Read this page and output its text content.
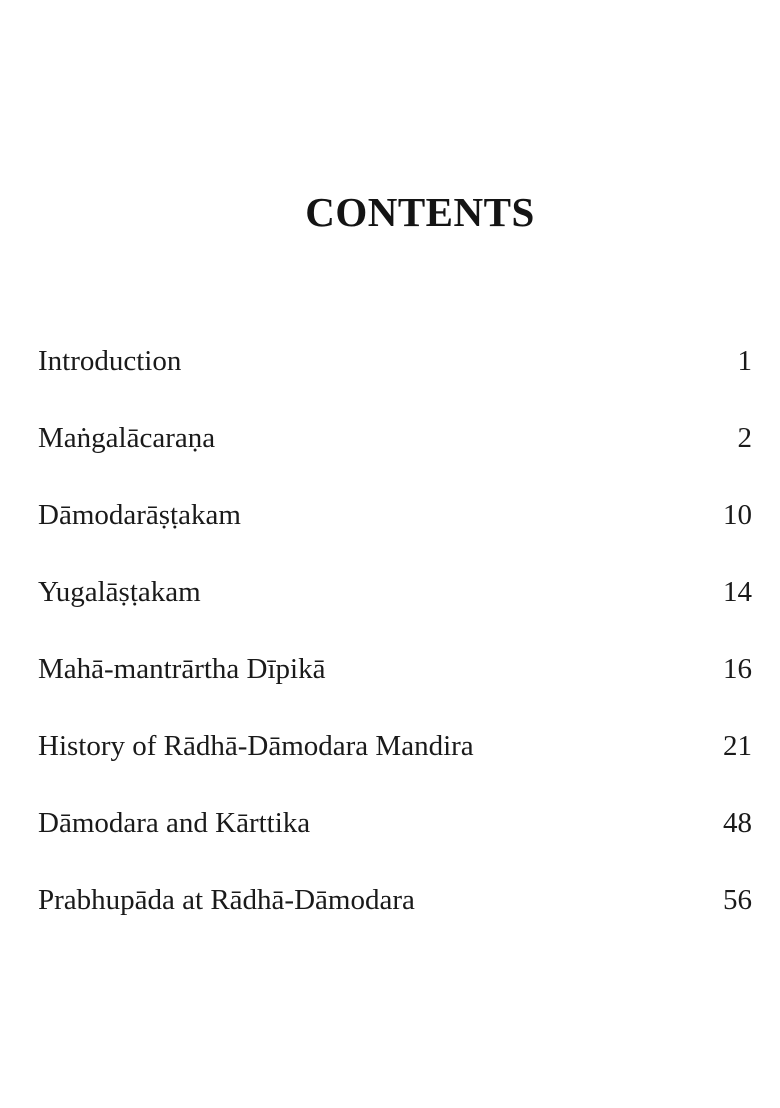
CONTENTS
Introduction	1
Maṅgalācaraṇa	2
Dāmodarāṣṭakam	10
Yugalāṣṭakam	14
Mahā-mantrārtha Dīpikā	16
History of Rādhā-Dāmodara Mandira	21
Dāmodara and Kārttika	48
Prabhupāda at Rādhā-Dāmodara	56
